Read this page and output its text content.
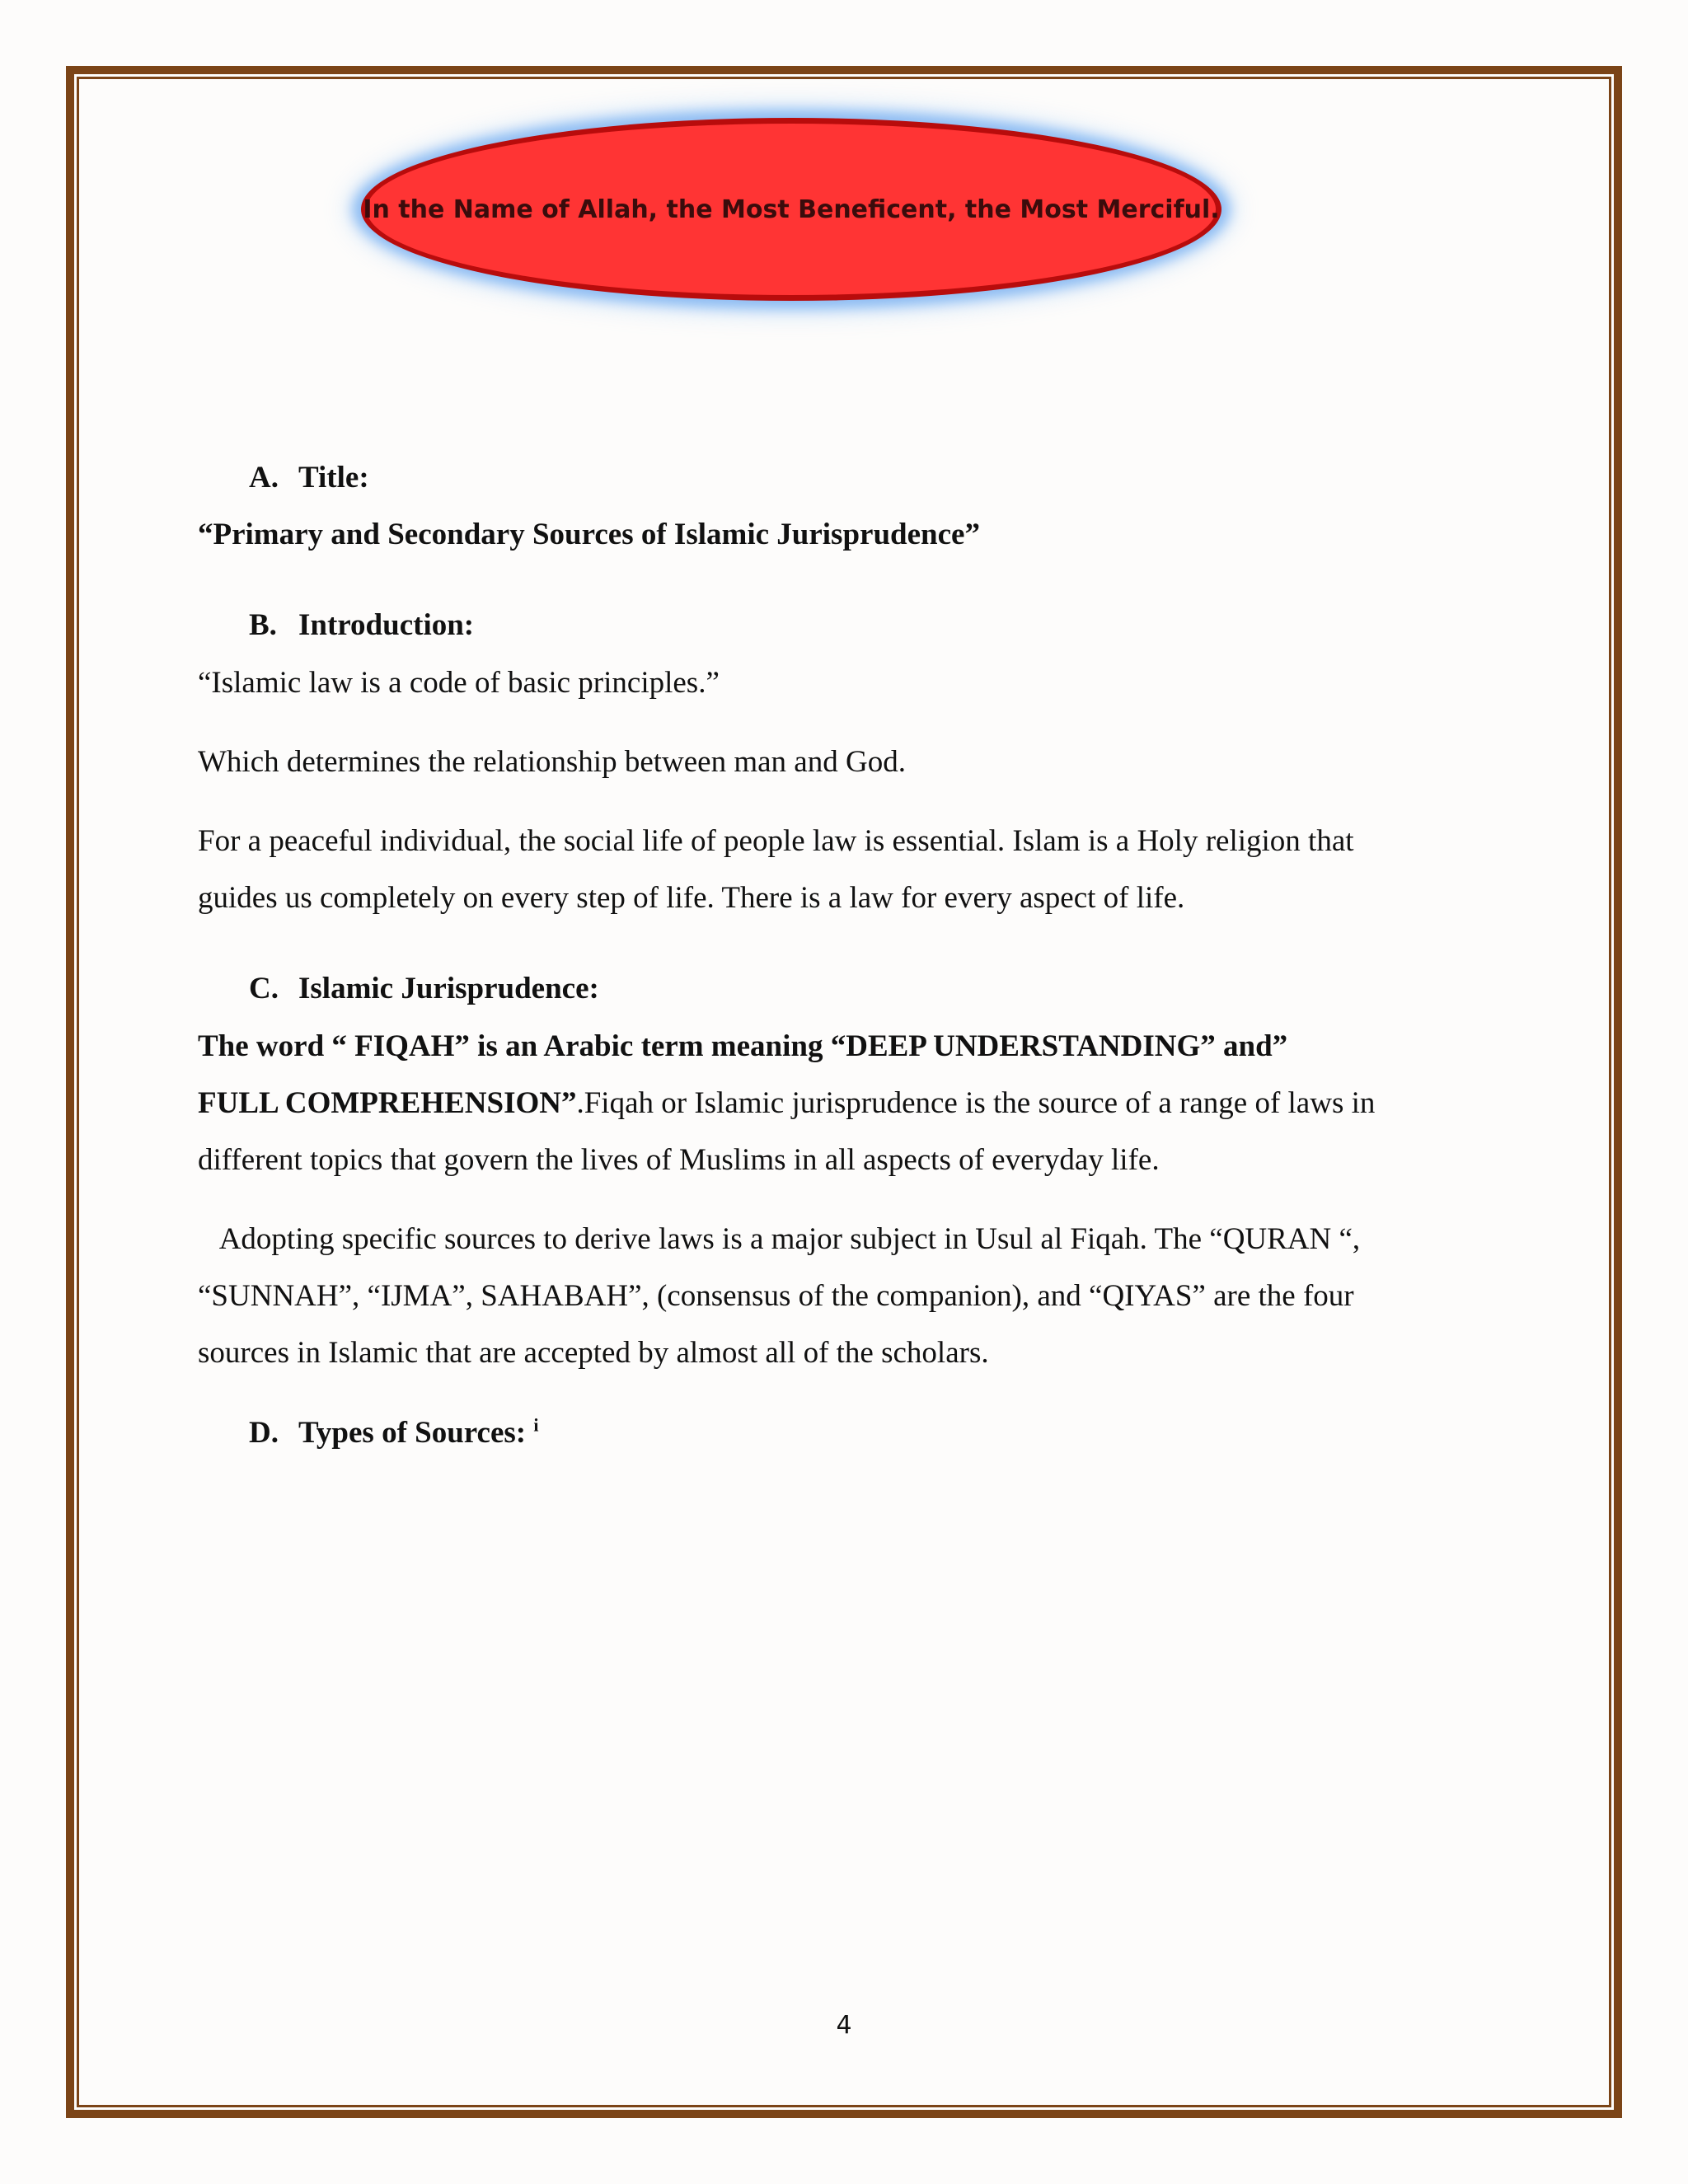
In the Name of Allah, the Most Beneficent, the Most Merciful.
A. Title:
“Primary and Secondary Sources of Islamic Jurisprudence”
B. Introduction:
“Islamic law is a code of basic principles.”
Which determines the relationship between man and God.
For a peaceful individual, the social life of people law is essential. Islam is a Holy religion that
guides us completely on every step of life. There is a law for every aspect of life.
C. Islamic Jurisprudence:
The word “ FIQAH” is an Arabic term meaning “DEEP UNDERSTANDING” and”
FULL COMPREHENSION”.Fiqah or Islamic jurisprudence is the source of a range of laws in
different topics that govern the lives of Muslims in all aspects of everyday life.
Adopting specific sources to derive laws is a major subject in Usul al Fiqah. The “QURAN “,
“SUNNAH”, “IJMA”, SAHABAH”, (consensus of the companion), and “QIYAS” are the four
sources in Islamic that are accepted by almost all of the scholars.
D. Types of Sources: $^i$
4
